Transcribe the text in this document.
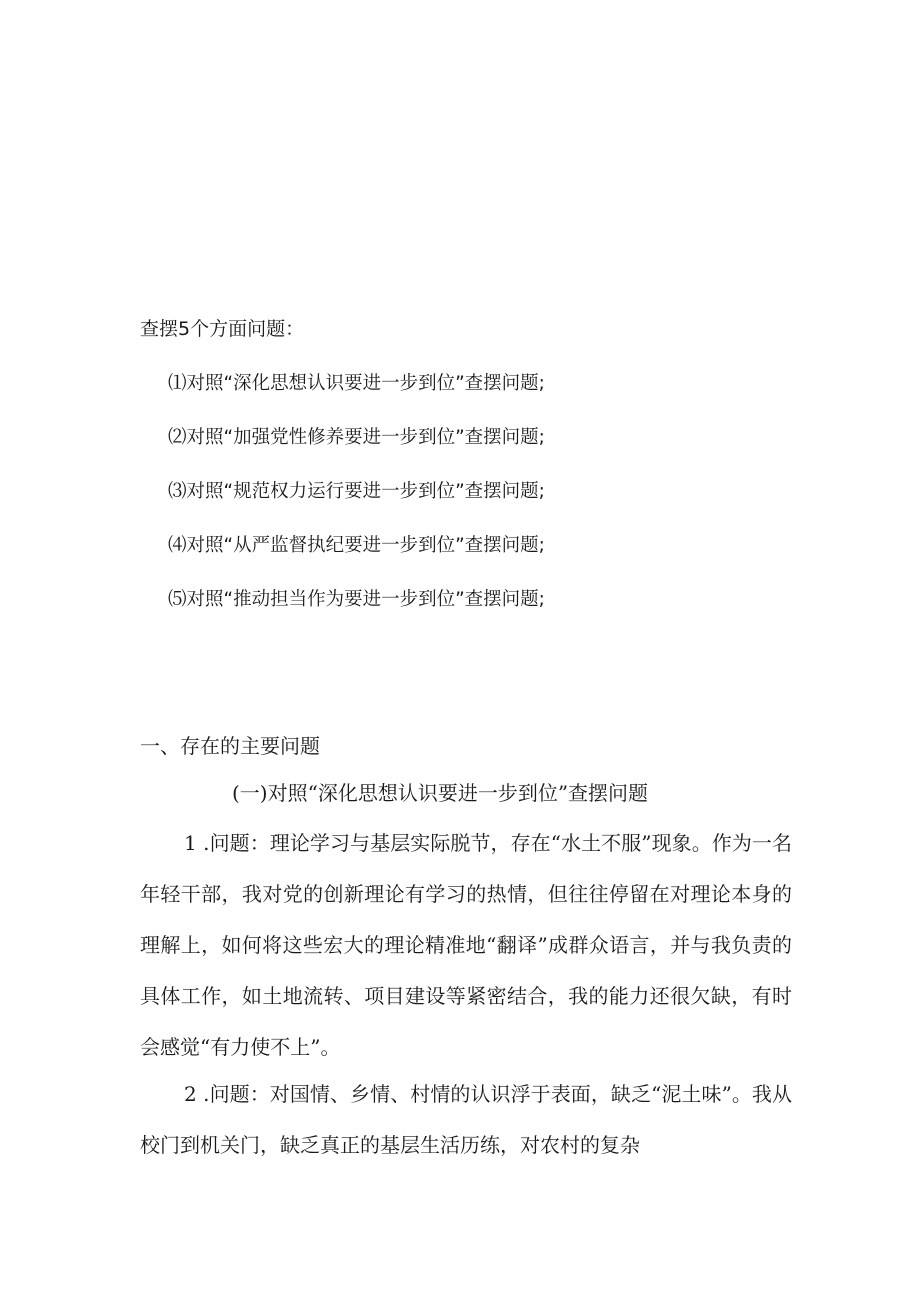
查摆5个方面问题：
⑴对照“深化思想认识要进一步到位”查摆问题;
⑵对照“加强党性修养要进一步到位”查摆问题;
⑶对照“规范权力运行要进一步到位”查摆问题;
⑷对照“从严监督执纪要进一步到位”查摆问题;
⑸对照“推动担当作为要进一步到位”查摆问题;
一、存在的主要问题
(一)对照“深化思想认识要进一步到位”查摆问题

1 .问题：理论学习与基层实际脱节，存在“水土不服”现象。作为一名年轻干部，我对党的创新理论有学习的热情，但往往停留在对理论本身的理解上，如何将这些宏大的理论精准地“翻译”成群众语言，并与我负责的具体工作，如土地流转、项目建设等紧密结合，我的能力还很欠缺，有时会感觉“有力使不上”。

2 .问题：对国情、乡情、村情的认识浮于表面，缺乏“泥土味”。我从校门到机关门，缺乏真正的基层生活历练，对农村的复杂
